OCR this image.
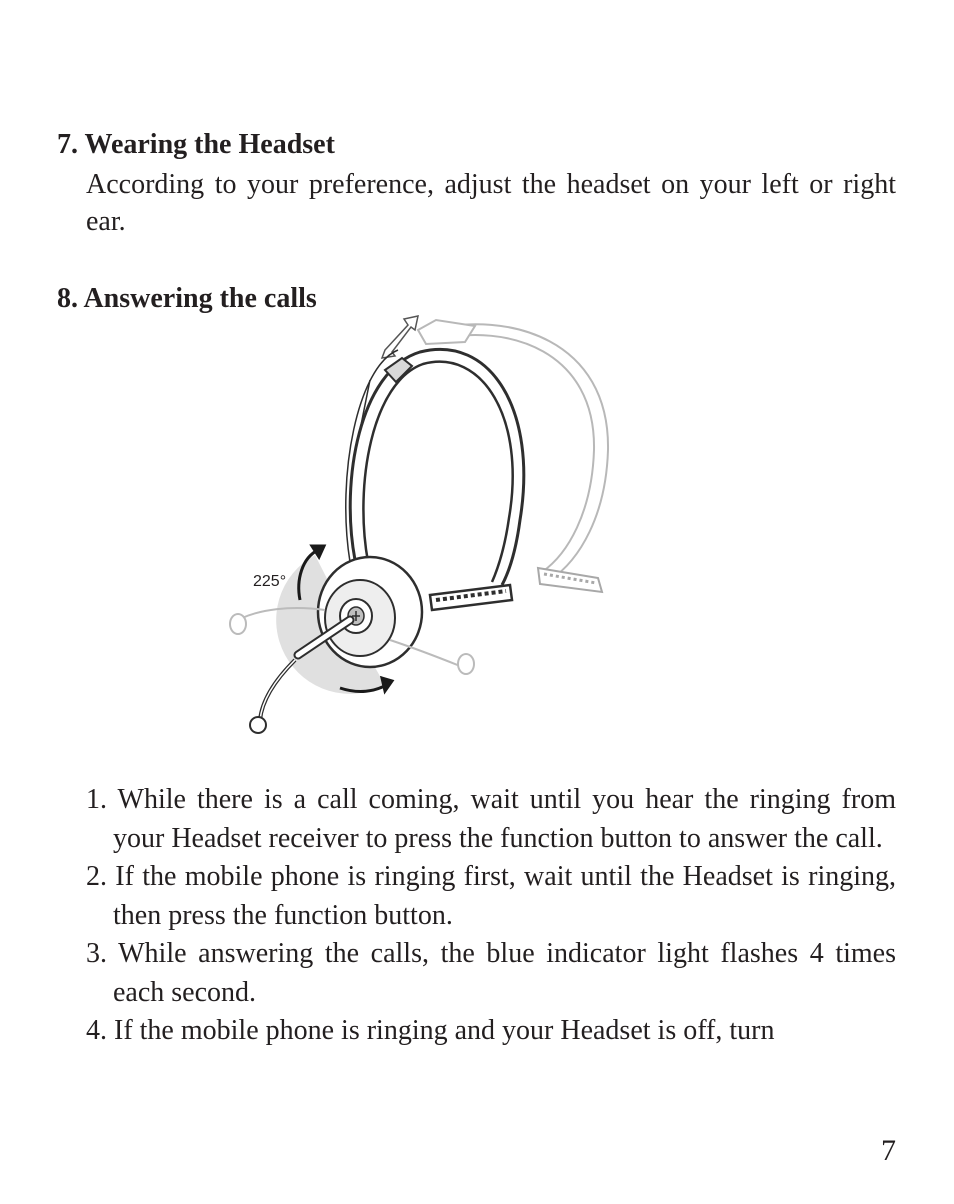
7. Wearing the Headset

According to your preference, adjust the headset on your left or right ear.

8. Answering the calls
225°
1. While there is a call coming, wait until you hear the ringing from your Headset receiver to press the function button to answer the call.
2. If the mobile phone is ringing first, wait until the Headset is ringing, then press the function button.
3. While answering the calls, the blue indicator light flashes 4 times each second.
4. If the mobile phone is ringing and your Headset is off, turn
7
